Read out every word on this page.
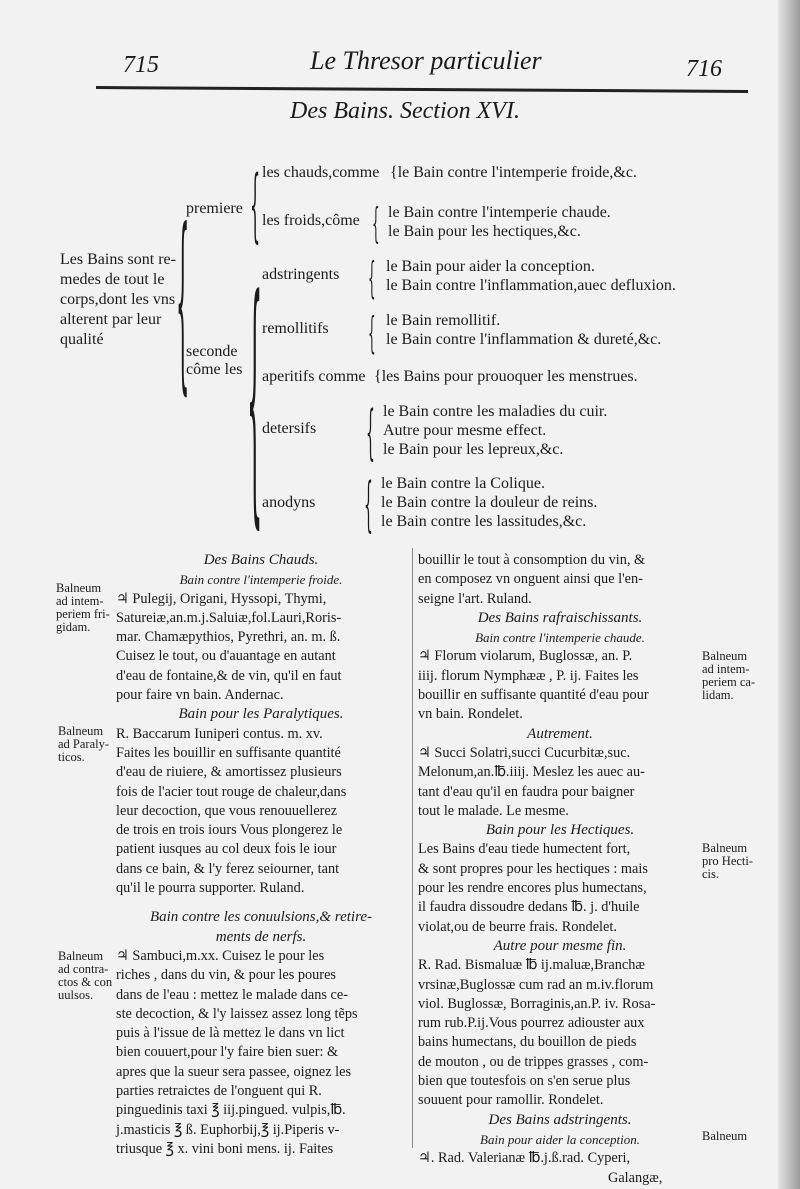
715	Le Thresor particulier	716
Des Bains. Section XVI.
Les Bains sont re-
medes de tout le
corps,dont les vns
alterent par leur
qualité	{
premiere { les chauds,comme {le Bain contre l'intemperie froide,&c.
les froids,côme { le Bain contre l'intemperie chaude.
le Bain pour les hectiques,&c.
seconde
côme les { adstringents { le Bain pour aider la conception.
le Bain contre l'inflammation,auec defluxion.
remollitifs { le Bain remollitif.
le Bain contre l'inflammation & dureté,&c.
aperitifs comme {les Bains pour prouoquer les menstrues.
detersifs { le Bain contre les maladies du cuir.
Autre pour mesme effect.
le Bain pour les lepreux,&c.
anodyns { le Bain contre la Colique.
le Bain contre la douleur de reins.
le Bain contre les lassitudes,&c.
Des Bains Chauds.
Bain contre l'intemperie froide.
♃ Pulegij, Origani, Hyssopi, Thymi,
Satureiæ,an.m.j.Saluiæ,fol.Lauri,Roris-
mar. Chamæpythios, Pyrethri, an. m. ß.
Cuisez le tout, ou d'auantage en autant
d'eau de fontaine,& de vin, qu'il en faut
pour faire vn bain. Andernac.
Bain pour les Paralytiques.
R. Baccarum Iuniperi contus. m. xv.
Faites les bouillir en suffisante quantité
d'eau de riuiere, & amortissez plusieurs
fois de l'acier tout rouge de chaleur,dans
leur decoction, que vous renouuellerez
de trois en trois iours Vous plongerez le
patient iusques au col deux fois le iour
dans ce bain, & l'y ferez seiourner, tant
qu'il le pourra supporter. Ruland.
Bain contre les conuulsions,& retire-
ments de nerfs.
♃ Sambuci,m.xx. Cuisez le pour les
riches , dans du vin, & pour les poures
dans de l'eau : mettez le malade dans ce-
ste decoction, & l'y laissez assez long tẽps
puis à l'issue de là mettez le dans vn lict
bien couuert,pour l'y faire bien suer: &
apres que la sueur sera passee, oignez les
parties retraictes de l'onguent qui R.
pinguedinis taxi ℥ iij.pingued. vulpis,℔.
j.masticis ℥ ß. Euphorbij,℥ ij.Piperis v-
triusque ℥ x. vini boni mens. ij. Faites
bouillir le tout à consomption du vin, &
en composez vn onguent ainsi que l'en-
seigne l'art. Ruland.
Des Bains rafraischissants.
Bain contre l'intemperie chaude.
♃ Florum violarum, Buglossæ, an. P.
iiij. florum Nymphææ , P. ij. Faites les
bouillir en suffisante quantité d'eau pour
vn bain. Rondelet.
Autrement.
♃ Succi Solatri,succi Cucurbitæ,suc.
Melonum,an.℔.iiij. Meslez les auec au-
tant d'eau qu'il en faudra pour baigner
tout le malade. Le mesme.
Bain pour les Hectiques.
Les Bains d'eau tiede humectent fort,
& sont propres pour les hectiques : mais
pour les rendre encores plus humectans,
il faudra dissoudre dedans ℔. j. d'huile
violat,ou de beurre frais. Rondelet.
Autre pour mesme fin.
R. Rad. Bismaluæ ℔ ij.maluæ,Branchæ
vrsinæ,Buglossæ cum rad an m.iv.florum
viol. Buglossæ, Borraginis,an.P. iv. Rosa-
rum rub.P.ij.Vous pourrez adiouster aux
bains humectans, du bouillon de pieds
de mouton , ou de trippes grasses , com-
bien que toutesfois on s'en serue plus
souuent pour ramollir. Rondelet.
Des Bains adstringents.
Bain pour aider la conception.
♃. Rad. Valerianæ ℔.j.ß.rad. Cyperi,
Galangæ,
Balneum
ad intem-
periem fri-
gidam.
Balneum
ad Paraly-
ticos.
Balneum
ad contra-
ctos & con
uulsos.
Balneum
ad intem-
periem ca-
lidam.
Balneum
pro Hecti-
cis.
Balneum
